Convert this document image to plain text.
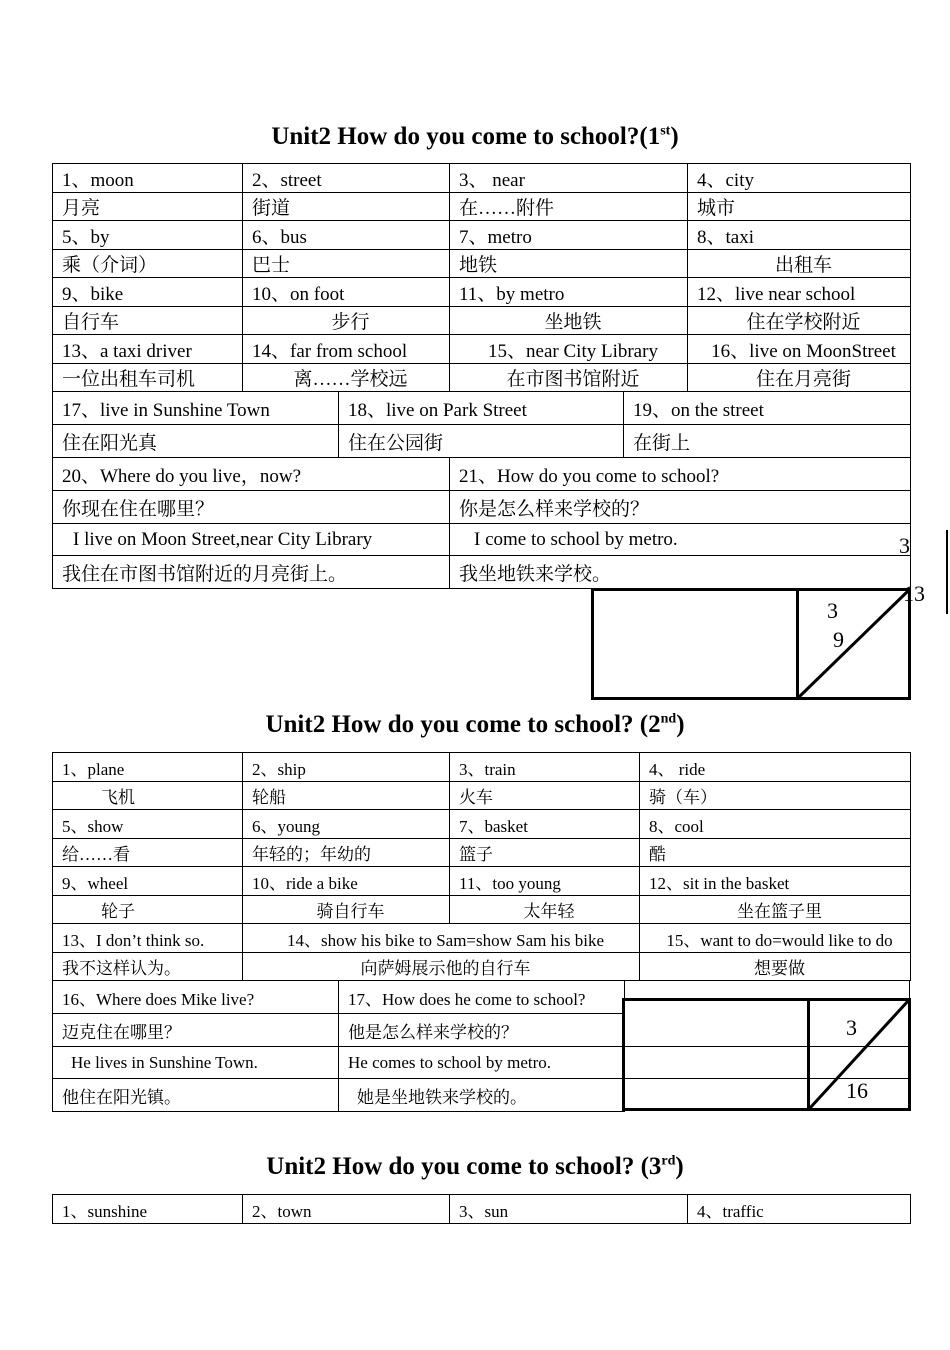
Unit2 How do you come to school?(1st)
1、moon	2、street	3、 near	4、city
月亮	街道	在……附件	城市
5、by	6、bus	7、metro	8、taxi
乘（介词）	巴士	地铁	出租车
9、bike	10、on foot	11、by metro	12、live near school
自行车	步行	坐地铁	住在学校附近
13、a taxi driver	14、far from school	15、near City Library	16、live on MoonStreet
一位出租车司机	离……学校远	在市图书馆附近	住在月亮街
17、live in Sunshine Town	18、live on Park Street	19、on the street
住在阳光真	住在公园街	在街上
20、Where do you live，now?	21、How do you come to school?
你现在住在哪里？	你是怎么样来学校的？
I live on Moon Street,near City Library	I come to school by metro.
我住在市图书馆附近的月亮街上。	我坐地铁来学校。
3
13
3
9
Unit2 How do you come to school? (2nd)
1、plane	2、ship	3、train	4、 ride
飞机	轮船	火车	骑（车）
5、show	6、young	7、basket	8、cool
给……看	年轻的；年幼的	篮子	酷
9、wheel	10、ride a bike	11、too young	12、sit in the basket
轮子	骑自行车	太年轻	坐在篮子里
13、I don’t think so.	14、show his bike to Sam=show Sam his bike	15、want to do=would like to do
我不这样认为。	向萨姆展示他的自行车	想要做
16、Where does Mike live?	17、How does he come to school?
迈克住在哪里？	他是怎么样来学校的？
He lives in Sunshine Town.	He comes to school by metro.
他住在阳光镇。	她是坐地铁来学校的。
3
16
Unit2 How do you come to school? (3rd)
1、sunshine	2、town	3、sun	4、traffic
